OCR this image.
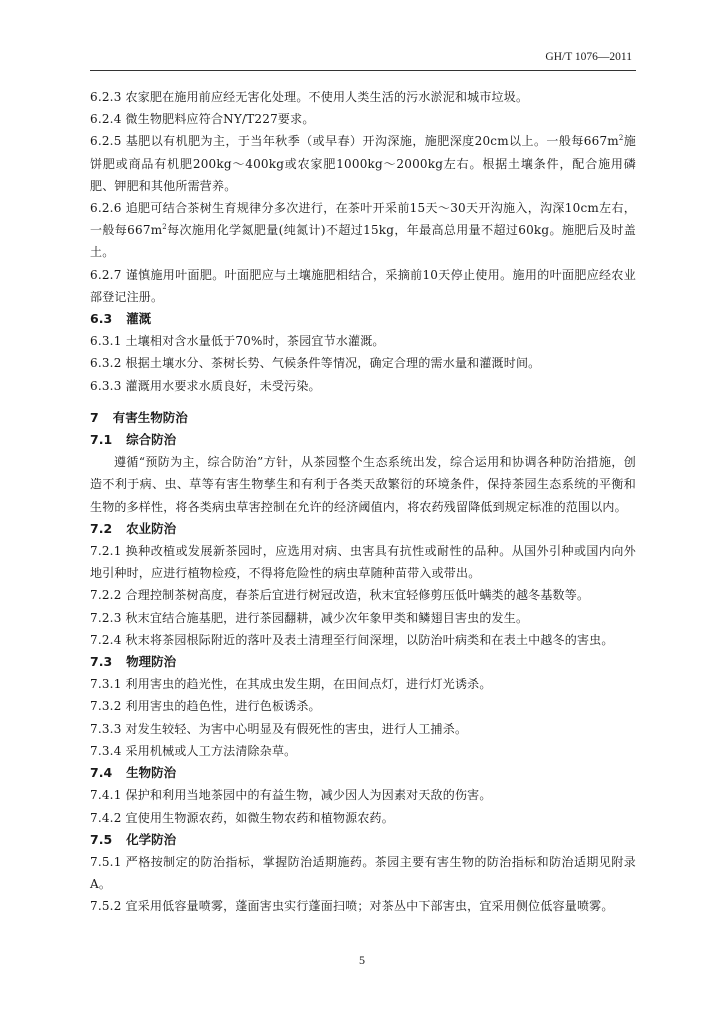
GH/T 1076—2011

6.2.3 农家肥在施用前应经无害化处理。不使用人类生活的污水淤泥和城市垃圾。

6.2.4 微生物肥料应符合NY/T227要求。

6.2.5 基肥以有机肥为主，于当年秋季（或早春）开沟深施，施肥深度20cm以上。一般每$667m^2$施饼肥或商品有机肥200kg～400kg或农家肥1000kg～2000kg左右。根据土壤条件，配合施用磷肥、钾肥和其他所需营养。

6.2.6 追肥可结合茶树生育规律分多次进行，在茶叶开采前15天～30天开沟施入，沟深10cm左右，一般每$667m^2$每次施用化学氮肥量(纯氮计)不超过15kg，年最高总用量不超过60kg。施肥后及时盖土。

6.2.7 谨慎施用叶面肥。叶面肥应与土壤施肥相结合，采摘前10天停止使用。施用的叶面肥应经农业部登记注册。

6.3 灌溉

6.3.1 土壤相对含水量低于70%时，茶园宜节水灌溉。

6.3.2 根据土壤水分、茶树长势、气候条件等情况，确定合理的需水量和灌溉时间。

6.3.3 灌溉用水要求水质良好，未受污染。

7 有害生物防治

7.1 综合防治

遵循“预防为主，综合防治”方针，从茶园整个生态系统出发，综合运用和协调各种防治措施，创造不利于病、虫、草等有害生物孳生和有利于各类天敌繁衍的环境条件，保持茶园生态系统的平衡和生物的多样性，将各类病虫草害控制在允许的经济阈值内，将农药残留降低到规定标准的范围以内。

7.2 农业防治

7.2.1 换种改植或发展新茶园时，应选用对病、虫害具有抗性或耐性的品种。从国外引种或国内向外地引种时，应进行植物检疫，不得将危险性的病虫草随种苗带入或带出。

7.2.2 合理控制茶树高度，春茶后宜进行树冠改造，秋末宜轻修剪压低叶螨类的越冬基数等。

7.2.3 秋末宜结合施基肥，进行茶园翻耕，减少次年象甲类和鳞翅目害虫的发生。

7.2.4 秋末将茶园根际附近的落叶及表土清理至行间深埋，以防治叶病类和在表土中越冬的害虫。

7.3 物理防治

7.3.1 利用害虫的趋光性，在其成虫发生期，在田间点灯，进行灯光诱杀。

7.3.2 利用害虫的趋色性，进行色板诱杀。

7.3.3 对发生较轻、为害中心明显及有假死性的害虫，进行人工捕杀。

7.3.4 采用机械或人工方法清除杂草。

7.4 生物防治

7.4.1 保护和利用当地茶园中的有益生物，减少因人为因素对天敌的伤害。

7.4.2 宜使用生物源农药，如微生物农药和植物源农药。

7.5 化学防治

7.5.1 严格按制定的防治指标，掌握防治适期施药。茶园主要有害生物的防治指标和防治适期见附录A。

7.5.2 宜采用低容量喷雾，蓬面害虫实行蓬面扫喷；对茶丛中下部害虫，宜采用侧位低容量喷雾。

5
